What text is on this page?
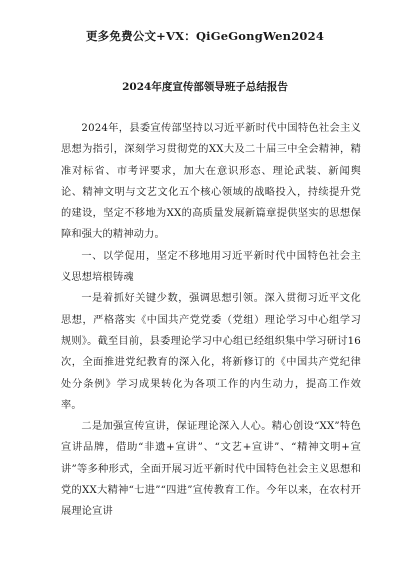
更多免费公文+VX：QiGeGongWen2024
2024年度宣传部领导班子总结报告

2024年，县委宣传部坚持以习近平新时代中国特色社会主义思想为指引，深刻学习贯彻党的XX大及二十届三中全会精神，精准对标省、市考评要求，加大在意识形态、理论武装、新闻舆论、精神文明与文艺文化五个核心领域的战略投入，持续提升党的建设，坚定不移地为XX的高质量发展新篇章提供坚实的思想保障和强大的精神动力。

一、以学促用，坚定不移地用习近平新时代中国特色社会主义思想培根铸魂

一是着抓好关键少数，强调思想引领。深入贯彻习近平文化思想，严格落实《中国共产党党委（党组）理论学习中心组学习规则》。截至目前，县委理论学习中心组已经组织集中学习研讨16次，全面推进党纪教育的深入化，将新修订的《中国共产党纪律处分条例》学习成果转化为各项工作的内生动力，提高工作效率。

二是加强宣传宣讲，保证理论深入人心。精心创设“XX”特色宣讲品牌，借助“非遗+宣讲”、“文艺+宣讲”、“精神文明+宣讲”等多种形式，全面开展习近平新时代中国特色社会主义思想和党的XX大精神“七进”“四进”宣传教育工作。今年以来，在农村开展理论宣讲
